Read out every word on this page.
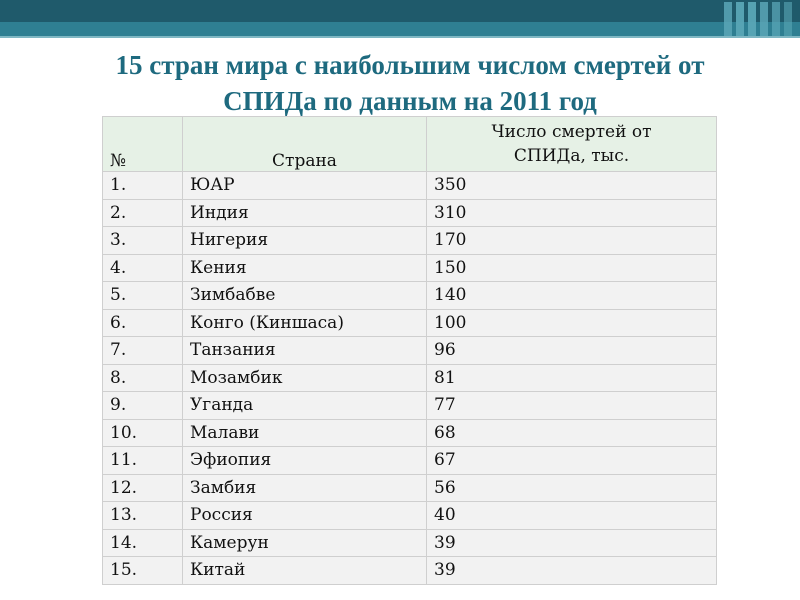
15 стран мира с наибольшим числом смертей от
СПИДа по данным на 2011 год
№	Страна	Число смертей от
СПИДа, тыс.

1.	ЮАР	350
2.	Индия	310
3.	Нигерия	170
4.	Кения	150
5.	Зимбабве	140
6.	Конго (Киншаса)	100
7.	Танзания	96
8.	Мозамбик	81
9.	Уганда	77
10.	Малави	68
11.	Эфиопия	67
12.	Замбия	56
13.	Россия	40
14.	Камерун	39
15.	Китай	39
